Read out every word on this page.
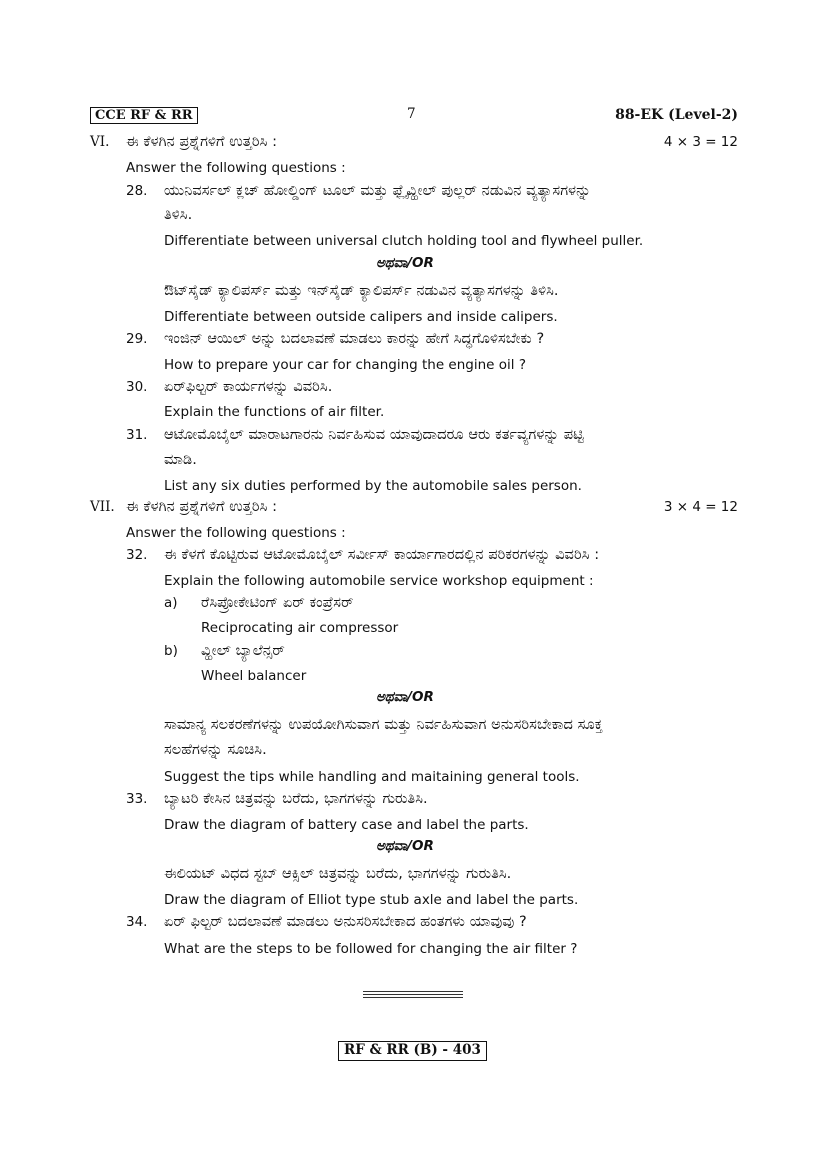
CCE RF & RR	7	88-EK (Level-2)
VI. ಈ ಕೆಳಗಿನ ಪ್ರಶ್ನೆಗಳಿಗೆ ಉತ್ತರಿಸಿ :	4 × 3 = 12
Answer the following questions :
28. ಯುನಿವರ್ಸಲ್ ಕ್ಲಚ್ ಹೋಲ್ಡಿಂಗ್ ಟೂಲ್ ಮತ್ತು ಫ್ಲೈವ್ಹೀಲ್ ಪುಲ್ಲರ್ ನಡುವಿನ ವ್ಯತ್ಯಾಸಗಳನ್ನು
ತಿಳಿಸಿ.
Differentiate between universal clutch holding tool and flywheel puller.
ಅಥವಾ/OR
ಔಟ್‌ಸೈಡ್ ಕ್ಯಾಲಿಪರ್ಸ್ ಮತ್ತು ಇನ್‌ಸೈಡ್ ಕ್ಯಾಲಿಪರ್ಸ್ ನಡುವಿನ ವ್ಯತ್ಯಾಸಗಳನ್ನು ತಿಳಿಸಿ.
Differentiate between outside calipers and inside calipers.
29. ಇಂಜಿನ್ ಆಯಿಲ್ ಅನ್ನು ಬದಲಾವಣೆ ಮಾಡಲು ಕಾರನ್ನು ಹೇಗೆ ಸಿದ್ಧಗೊಳಿಸಬೇಕು ?
How to prepare your car for changing the engine oil ?
30. ಏರ್‌ಫಿಲ್ಟರ್ ಕಾರ್ಯಗಳನ್ನು ವಿವರಿಸಿ.
Explain the functions of air filter.
31. ಆಟೋಮೊಬೈಲ್ ಮಾರಾಟಗಾರನು ನಿರ್ವಹಿಸುವ ಯಾವುದಾದರೂ ಆರು ಕರ್ತವ್ಯಗಳನ್ನು ಪಟ್ಟಿ
ಮಾಡಿ.
List any six duties performed by the automobile sales person.
VII. ಈ ಕೆಳಗಿನ ಪ್ರಶ್ನೆಗಳಿಗೆ ಉತ್ತರಿಸಿ :	3 × 4 = 12
Answer the following questions :
32. ಈ ಕೆಳಗೆ ಕೊಟ್ಟಿರುವ ಆಟೋಮೊಬೈಲ್ ಸರ್ವೀಸ್ ಕಾರ್ಯಾಗಾರದಲ್ಲಿನ ಪರಿಕರಗಳನ್ನು ವಿವರಿಸಿ :
Explain the following automobile service workshop equipment :
a) ರೆಸಿಪ್ರೋಕೇಟಿಂಗ್ ಏರ್ ಕಂಪ್ರೆಸರ್
Reciprocating air compressor
b) ವ್ಹೀಲ್ ಬ್ಯಾಲೆನ್ಸರ್
Wheel balancer
ಅಥವಾ/OR
ಸಾಮಾನ್ಯ ಸಲಕರಣೆಗಳನ್ನು ಉಪಯೋಗಿಸುವಾಗ ಮತ್ತು ನಿರ್ವಹಿಸುವಾಗ ಅನುಸರಿಸಬೇಕಾದ ಸೂಕ್ತ
ಸಲಹೆಗಳನ್ನು ಸೂಚಿಸಿ.
Suggest the tips while handling and maitaining general tools.
33. ಬ್ಯಾಟರಿ ಕೇಸಿನ ಚಿತ್ರವನ್ನು ಬರೆದು, ಭಾಗಗಳನ್ನು ಗುರುತಿಸಿ.
Draw the diagram of battery case and label the parts.
ಅಥವಾ/OR
ಈಲಿಯಟ್ ವಿಧದ ಸ್ಟಬ್ ಆಕ್ಸಿಲ್ ಚಿತ್ರವನ್ನು ಬರೆದು, ಭಾಗಗಳನ್ನು ಗುರುತಿಸಿ.
Draw the diagram of Elliot type stub axle and label the parts.
34. ಏರ್ ಫಿಲ್ಟರ್ ಬದಲಾವಣೆ ಮಾಡಲು ಅನುಸರಿಸಬೇಕಾದ ಹಂತಗಳು ಯಾವುವು ?
What are the steps to be followed for changing the air filter ?
RF & RR (B) - 403
